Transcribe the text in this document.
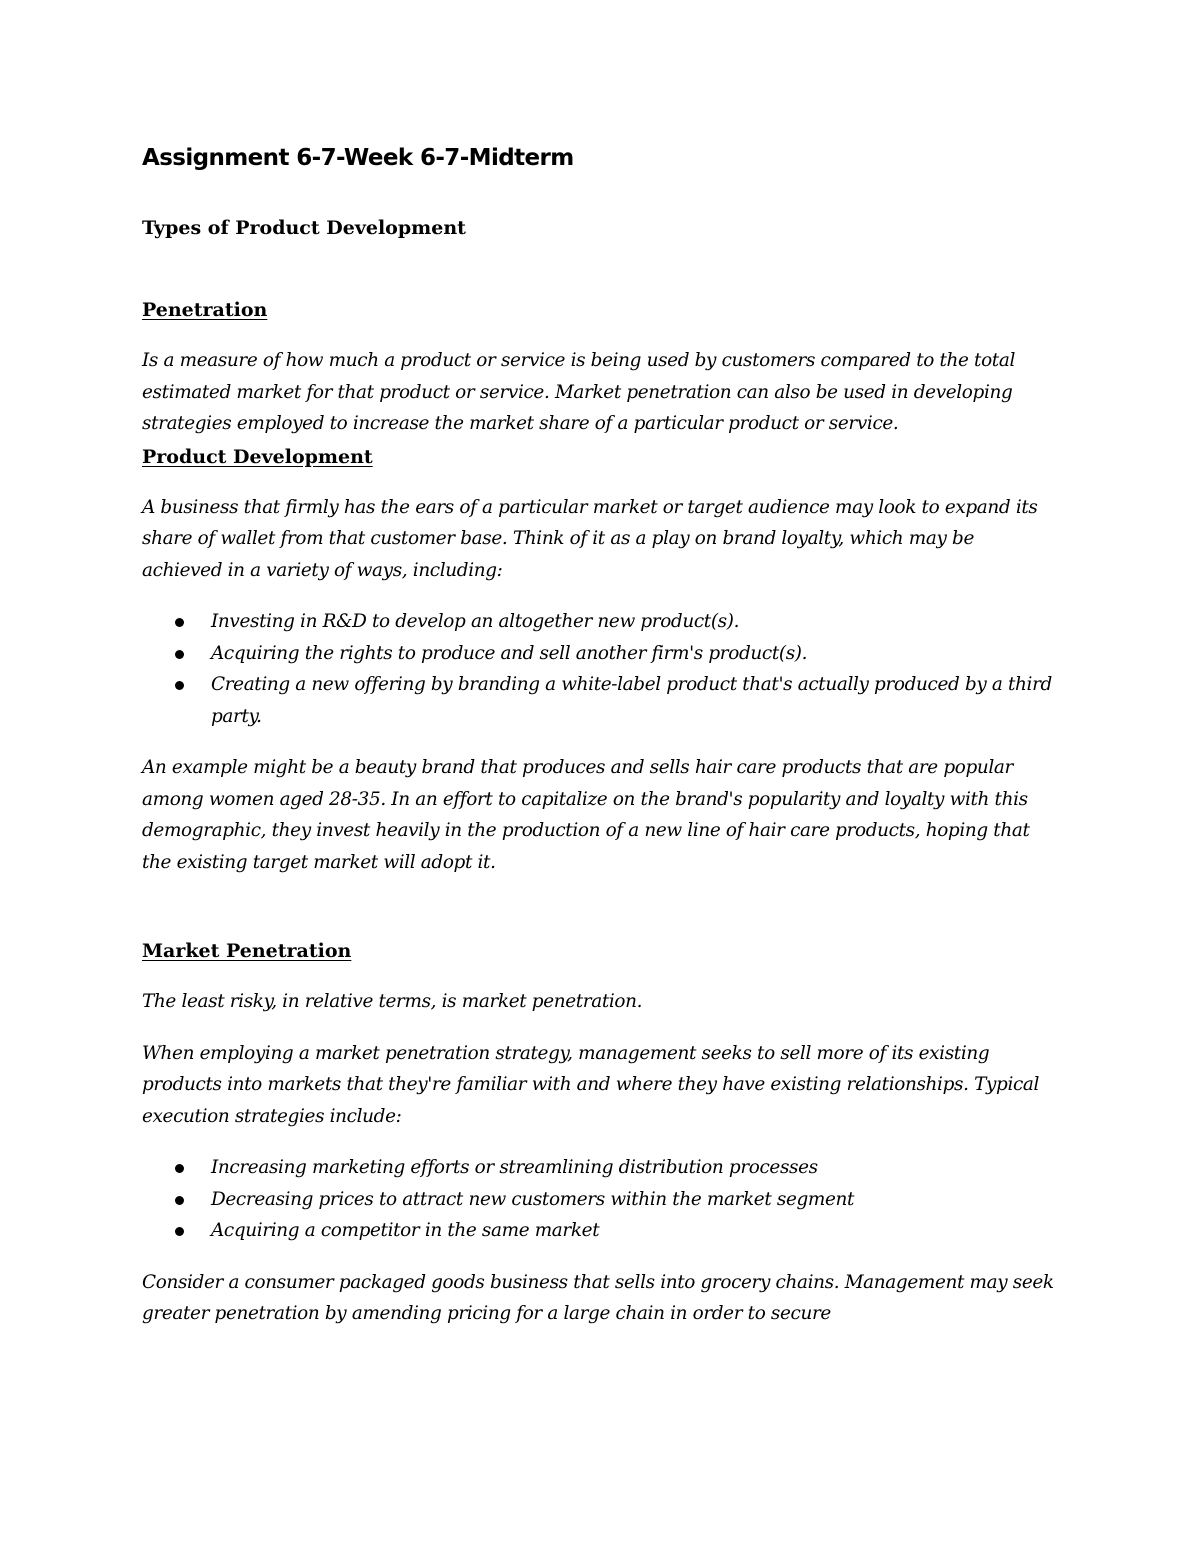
Assignment 6-7-Week 6-7-Midterm
Types of Product Development
Penetration

Is a measure of how much a product or service is being used by customers compared to the total estimated market for that product or service. Market penetration can also be used in developing strategies employed to increase the market share of a particular product or service.

Product Development

A business that firmly has the ears of a particular market or target audience may look to expand its share of wallet from that customer base. Think of it as a play on brand loyalty, which may be achieved in a variety of ways, including:

Investing in R&D to develop an altogether new product(s).
Acquiring the rights to produce and sell another firm's product(s).
Creating a new offering by branding a white-label product that's actually produced by a third party.

An example might be a beauty brand that produces and sells hair care products that are popular among women aged 28-35. In an effort to capitalize on the brand's popularity and loyalty with this demographic, they invest heavily in the production of a new line of hair care products, hoping that the existing target market will adopt it.

Market Penetration

The least risky, in relative terms, is market penetration.

When employing a market penetration strategy, management seeks to sell more of its existing products into markets that they're familiar with and where they have existing relationships. Typical execution strategies include:

Increasing marketing efforts or streamlining distribution processes
Decreasing prices to attract new customers within the market segment
Acquiring a competitor in the same market

Consider a consumer packaged goods business that sells into grocery chains. Management may seek greater penetration by amending pricing for a large chain in order to secure
